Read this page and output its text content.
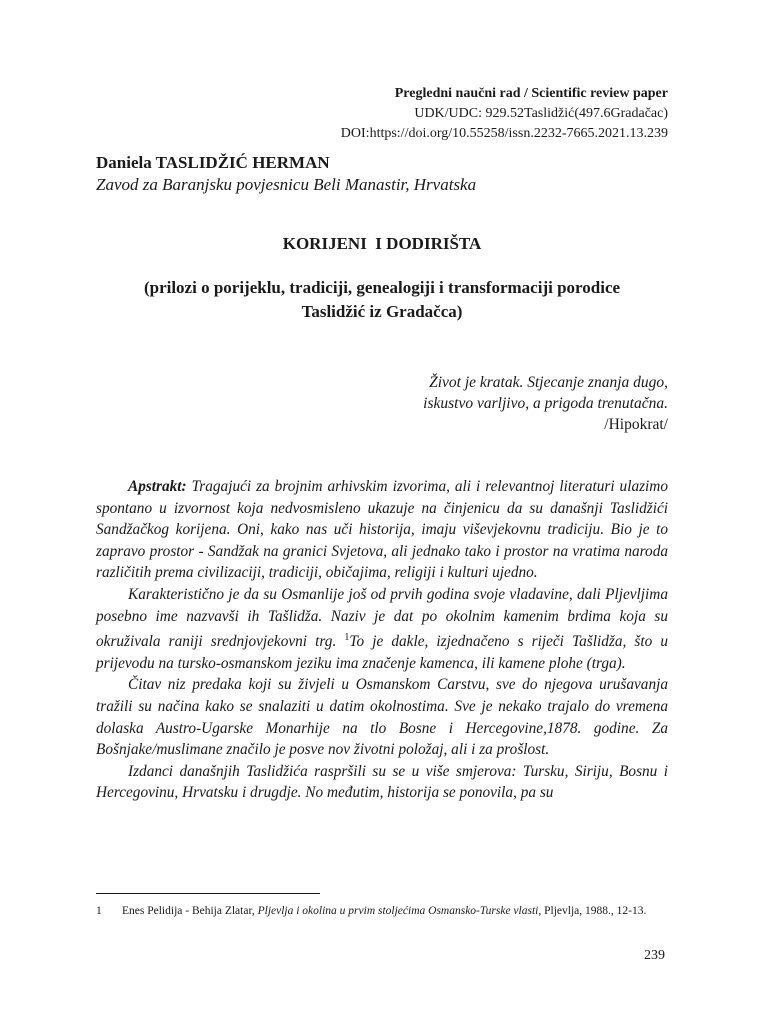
Pregledni naučni rad / Scientific review paper
UDK/UDC: 929.52Taslidžić(497.6Gradačac)
DOI:https://doi.org/10.55258/issn.2232-7665.2021.13.239
Daniela TASLIDŽIĆ HERMAN
Zavod za Baranjsku povjesnicu Beli Manastir, Hrvatska
KORIJENI  I DODIRIŠTA
(prilozi o porijeklu, tradiciji, genealogiji i transformaciji porodice
Taslidžić iz Gradačca)
Život je kratak. Stjecanje znanja dugo,
iskustvo varljivo, a prigoda trenutačna.
/Hipokrat/

Apstrakt: Tragajući za brojnim arhivskim izvorima, ali i relevantnoj literaturi ulazimo spontano u izvornost koja nedvosmisleno ukazuje na činjenicu da su današnji Taslidžići Sandžačkog korijena. Oni, kako nas uči historija, imaju viševjekovnu tradiciju. Bio je to zapravo prostor - Sandžak na granici Svjetova, ali jednako tako i prostor na vratima naroda različitih prema civilizaciji, tradiciji, običajima, religiji i kulturi ujedno.

Karakteristično je da su Osmanlije još od prvih godina svoje vladavine, dali Pljevljima posebno ime nazvavši ih Tašlidža. Naziv je dat po okolnim kamenim brdima koja su okruživala raniji srednjovjekovni trg. $^1$To je dakle, izjednačeno s riječi Tašlidža, što u prijevodu na tursko-osmanskom jeziku ima značenje kamenca, ili kamene plohe (trga).

Čitav niz predaka koji su živjeli u Osmanskom Carstvu, sve do njegova urušavanja tražili su načina kako se snalaziti u datim okolnostima. Sve je nekako trajalo do vremena dolaska Austro-Ugarske Monarhije na tlo Bosne i Hercegovine,1878. godine. Za Bošnjake/muslimane značilo je posve nov životni položaj, ali i za prošlost.

Izdanci današnjih Taslidžića raspršili su se u više smjerova: Tursku, Siriju, Bosnu i Hercegovinu, Hrvatsku i drugdje. No međutim, historija se ponovila, pa su

1	Enes Pelidija - Behija Zlatar, Pljevlja i okolina u prvim stoljećima Osmansko-Turske vlasti, Pljevlja, 1988., 12-13.
239
